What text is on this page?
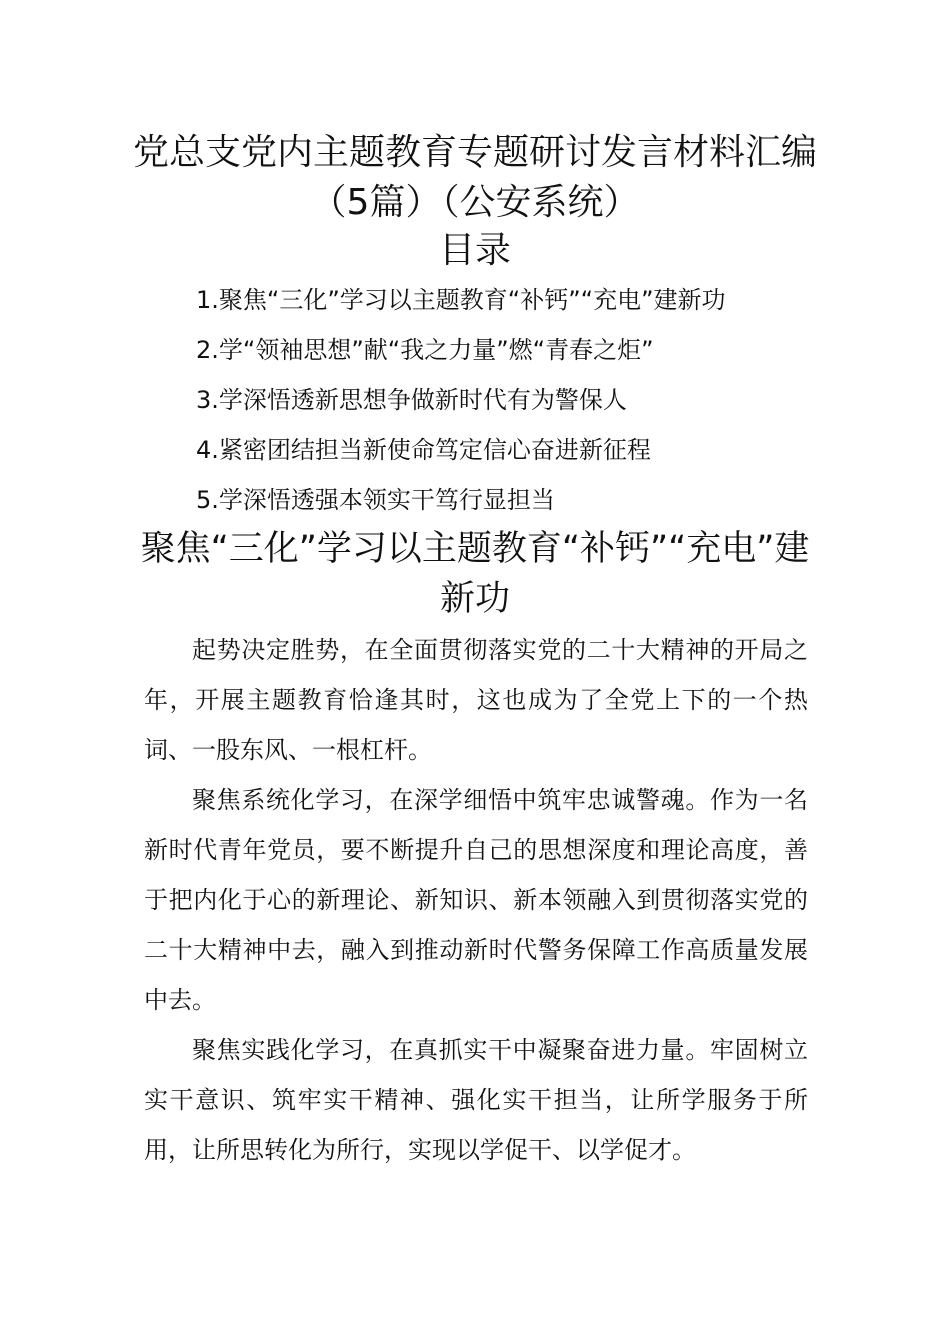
党总支党内主题教育专题研讨发言材料汇编（5篇）（公安系统）
目录
1.聚焦“三化”学习以主题教育“补钙”“充电”建新功
2.学“领袖思想”献“我之力量”燃“青春之炬”
3.学深悟透新思想争做新时代有为警保人
4.紧密团结担当新使命笃定信心奋进新征程
5.学深悟透强本领实干笃行显担当
聚焦“三化”学习以主题教育“补钙”“充电”建新功

起势决定胜势，在全面贯彻落实党的二十大精神的开局之年，开展主题教育恰逢其时，这也成为了全党上下的一个热词、一股东风、一根杠杆。

聚焦系统化学习，在深学细悟中筑牢忠诚警魂。作为一名新时代青年党员，要不断提升自己的思想深度和理论高度，善于把内化于心的新理论、新知识、新本领融入到贯彻落实党的二十大精神中去，融入到推动新时代警务保障工作高质量发展中去。

聚焦实践化学习，在真抓实干中凝聚奋进力量。牢固树立实干意识、筑牢实干精神、强化实干担当，让所学服务于所用，让所思转化为所行，实现以学促干、以学促才。
